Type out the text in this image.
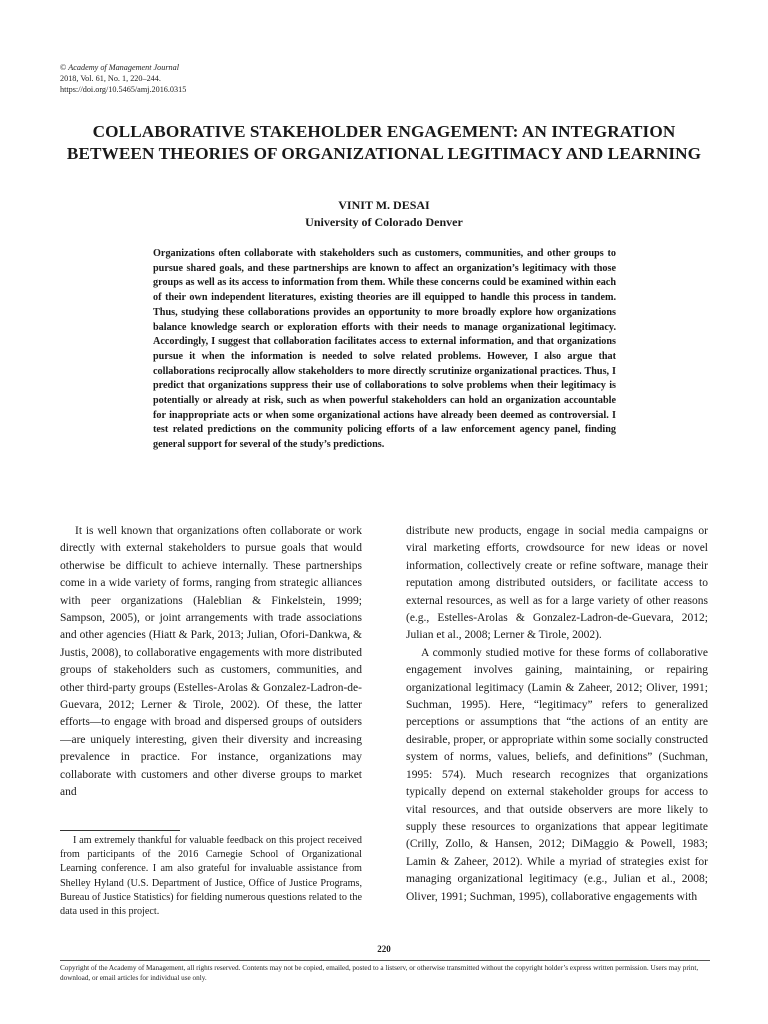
© Academy of Management Journal
2018, Vol. 61, No. 1, 220–244.
https://doi.org/10.5465/amj.2016.0315
COLLABORATIVE STAKEHOLDER ENGAGEMENT: AN INTEGRATION BETWEEN THEORIES OF ORGANIZATIONAL LEGITIMACY AND LEARNING
VINIT M. DESAI
University of Colorado Denver

Organizations often collaborate with stakeholders such as customers, communities, and other groups to pursue shared goals, and these partnerships are known to affect an organization’s legitimacy with those groups as well as its access to information from them. While these concerns could be examined within each of their own independent literatures, existing theories are ill equipped to handle this process in tandem. Thus, studying these collaborations provides an opportunity to more broadly explore how organizations balance knowledge search or exploration efforts with their needs to manage organizational legitimacy. Accordingly, I suggest that collaboration facilitates access to external information, and that organizations pursue it when the information is needed to solve related problems. However, I also argue that collaborations reciprocally allow stakeholders to more directly scrutinize organizational practices. Thus, I predict that organizations suppress their use of collaborations to solve problems when their legitimacy is potentially or already at risk, such as when powerful stakeholders can hold an organization accountable for inappropriate acts or when some organizational actions have already been deemed as controversial. I test related predictions on the community policing efforts of a law enforcement agency panel, finding general support for several of the study’s predictions.

It is well known that organizations often collaborate or work directly with external stakeholders to pursue goals that would otherwise be difficult to achieve internally. These partnerships come in a wide variety of forms, ranging from strategic alliances with peer organizations (Haleblian & Finkelstein, 1999; Sampson, 2005), or joint arrangements with trade associations and other agencies (Hiatt & Park, 2013; Julian, Ofori-Dankwa, & Justis, 2008), to collaborative engagements with more distributed groups of stakeholders such as customers, communities, and other third-party groups (Estelles-Arolas & Gonzalez-Ladron-de-Guevara, 2012; Lerner & Tirole, 2002). Of these, the latter efforts—to engage with broad and dispersed groups of outsiders—are uniquely interesting, given their diversity and increasing prevalence in practice. For instance, organizations may collaborate with customers and other diverse groups to market and

distribute new products, engage in social media campaigns or viral marketing efforts, crowdsource for new ideas or novel information, collectively create or refine software, manage their reputation among distributed outsiders, or facilitate access to external resources, as well as for a large variety of other reasons (e.g., Estelles-Arolas & Gonzalez-Ladron-de-Guevara, 2012; Julian et al., 2008; Lerner & Tirole, 2002).

A commonly studied motive for these forms of collaborative engagement involves gaining, maintaining, or repairing organizational legitimacy (Lamin & Zaheer, 2012; Oliver, 1991; Suchman, 1995). Here, “legitimacy” refers to generalized perceptions or assumptions that “the actions of an entity are desirable, proper, or appropriate within some socially constructed system of norms, values, beliefs, and definitions” (Suchman, 1995: 574). Much research recognizes that organizations typically depend on external stakeholder groups for access to vital resources, and that outside observers are more likely to supply these resources to organizations that appear legitimate (Crilly, Zollo, & Hansen, 2012; DiMaggio & Powell, 1983; Lamin & Zaheer, 2012). While a myriad of strategies exist for managing organizational legitimacy (e.g., Julian et al., 2008; Oliver, 1991; Suchman, 1995), collaborative engagements with

I am extremely thankful for valuable feedback on this project received from participants of the 2016 Carnegie School of Organizational Learning conference. I am also grateful for invaluable assistance from Shelley Hyland (U.S. Department of Justice, Office of Justice Programs, Bureau of Justice Statistics) for fielding numerous questions related to the data used in this project.

220

Copyright of the Academy of Management, all rights reserved. Contents may not be copied, emailed, posted to a listserv, or otherwise transmitted without the copyright holder’s express written permission. Users may print, download, or email articles for individual use only.
